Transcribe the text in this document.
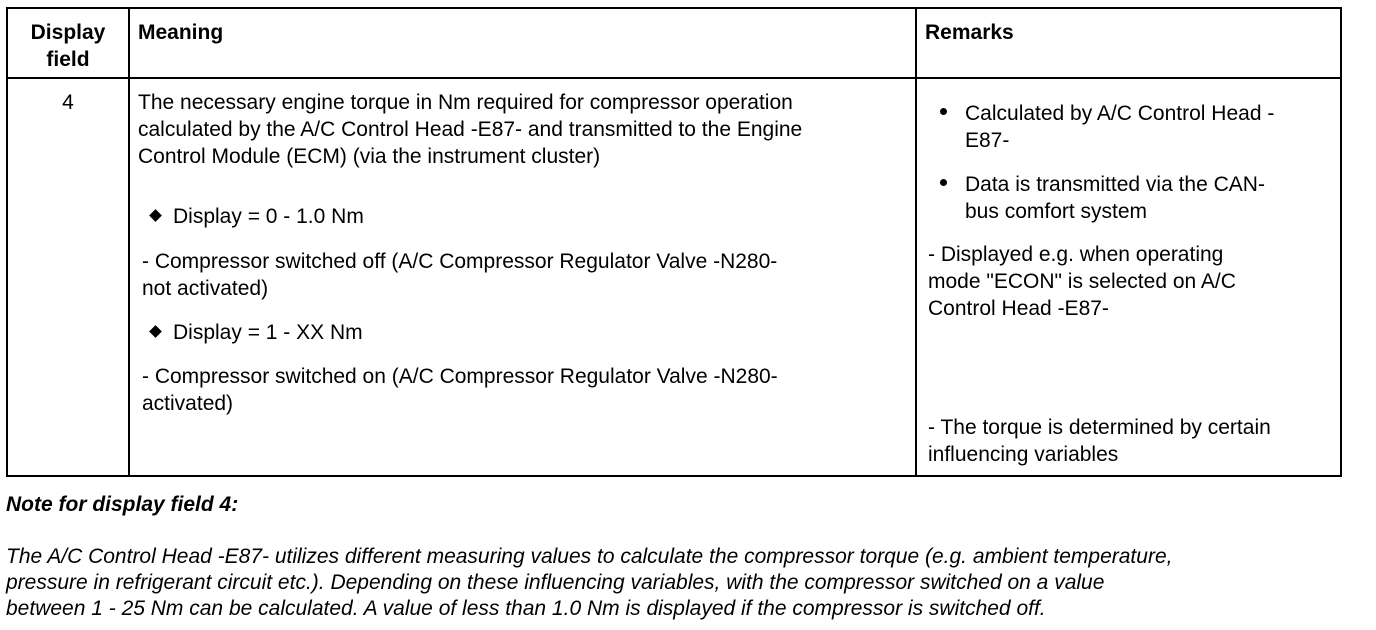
Display
field
Meaning	Remarks
4	The necessary engine torque in Nm required for compressor operation
calculated by the A/C Control Head -E87- and transmitted to the Engine
Control Module (ECM) (via the instrument cluster)
Display = 0 - 1.0 Nm
- Compressor switched off (A/C Compressor Regulator Valve -N280-
not activated)
Display = 1 - XX Nm
- Compressor switched on (A/C Compressor Regulator Valve -N280-
activated)
Calculated by A/C Control Head -
E87-
Data is transmitted via the CAN-
bus comfort system
- Displayed e.g. when operating
mode "ECON" is selected on A/C
Control Head -E87-
- The torque is determined by certain
influencing variables
Note for display field 4:
The A/C Control Head -E87- utilizes different measuring values to calculate the compressor torque (e.g. ambient temperature,
pressure in refrigerant circuit etc.). Depending on these influencing variables, with the compressor switched on a value
between 1 - 25 Nm can be calculated. A value of less than 1.0 Nm is displayed if the compressor is switched off.
